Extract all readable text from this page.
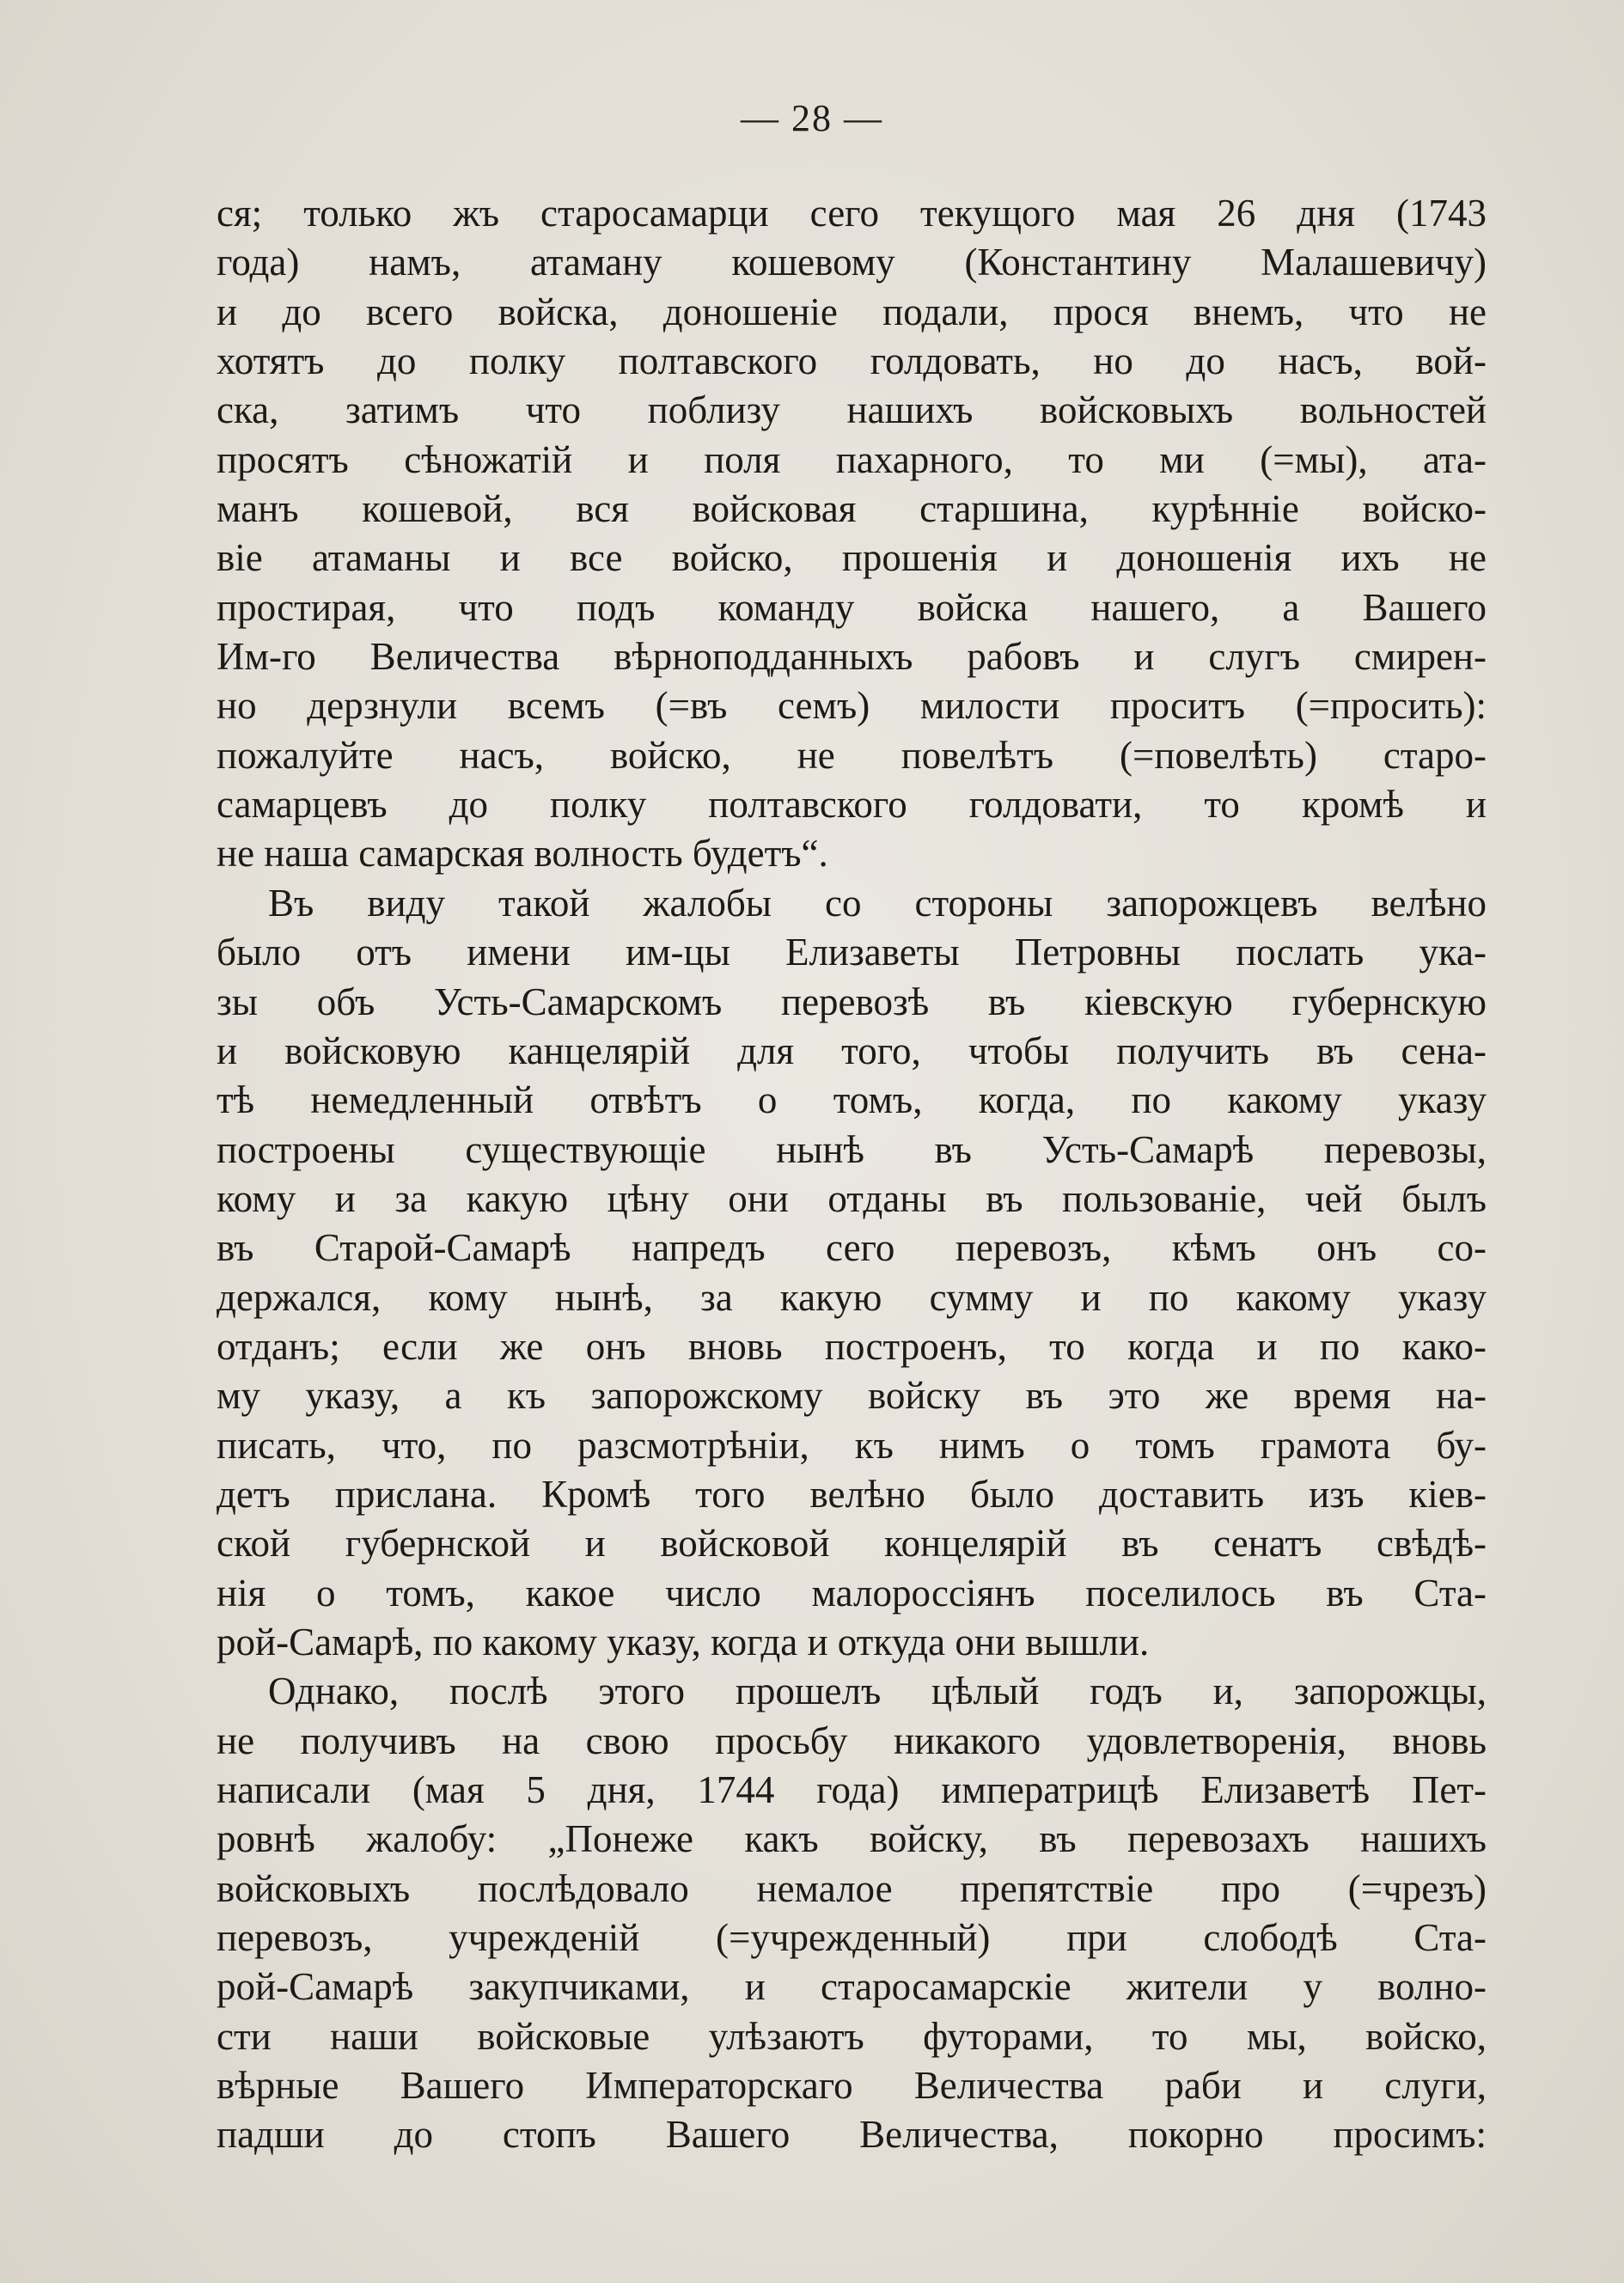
— 28 —
ся; только жъ старосамарци сего текущого мая 26 дня (1743
года) намъ, атаману кошевому (Константину Малашевичу)
и до всего войска, доношеніе подали, прося внемъ, что не
хотятъ до полку полтавского голдовать, но до насъ, вой-
ска, затимъ что поблизу нашихъ войсковыхъ вольностей
просятъ сѣножатій и поля пахарного, то ми (=мы), ата-
манъ кошевой, вся войсковая старшина, курѣнніе войско-
віе атаманы и все войско, прошенія и доношенія ихъ не
простирая, что подъ команду войска нашего, а Вашего
Им-го Величества вѣрноподданныхъ рабовъ и слугъ смирен-
но дерзнули всемъ (=въ семъ) милости проситъ (=просить):
пожалуйте насъ, войско, не повелѣтъ (=повелѣть) старо-
самарцевъ до полку полтавского голдовати, то кромѣ и
не наша самарская волность будетъ“.
Въ виду такой жалобы со стороны запорожцевъ велѣно
было отъ имени им-цы Елизаветы Петровны послать ука-
зы объ Усть-Самарскомъ перевозѣ въ кіевскую губернскую
и войсковую канцелярій для того, чтобы получить въ сена-
тѣ немедленный отвѣтъ о томъ, когда, по какому указу
построены существующіе нынѣ въ Усть-Самарѣ перевозы,
кому и за какую цѣну они отданы въ пользованіе, чей былъ
въ Старой-Самарѣ напредъ сего перевозъ, кѣмъ онъ со-
держался, кому нынѣ, за какую сумму и по какому указу
отданъ; если же онъ вновь построенъ, то когда и по како-
му указу, а къ запорожскому войску въ это же время на-
писать, что, по разсмотрѣніи, къ нимъ о томъ грамота бу-
детъ прислана. Кромѣ того велѣно было доставить изъ кіев-
ской губернской и войсковой концелярій въ сенатъ свѣдѣ-
нія о томъ, какое число малороссіянъ поселилось въ Ста-
рой-Самарѣ, по какому указу, когда и откуда они вышли.
Однако, послѣ этого прошелъ цѣлый годъ и, запорожцы,
не получивъ на свою просьбу никакого удовлетворенія, вновь
написали (мая 5 дня, 1744 года) императрицѣ Елизаветѣ Пет-
ровнѣ жалобу: „Понеже какъ войску, въ перевозахъ нашихъ
войсковыхъ послѣдовало немалое препятствіе про (=чрезъ)
перевозъ, учрежденій (=учрежденный) при слободѣ Ста-
рой-Самарѣ закупчиками, и старосамарскіе жители у волно-
сти наши войсковые улѣзаютъ футорами, то мы, войско,
вѣрные Вашего Императорскаго Величества раби и слуги,
падши до стопъ Вашего Величества, покорно просимъ:
